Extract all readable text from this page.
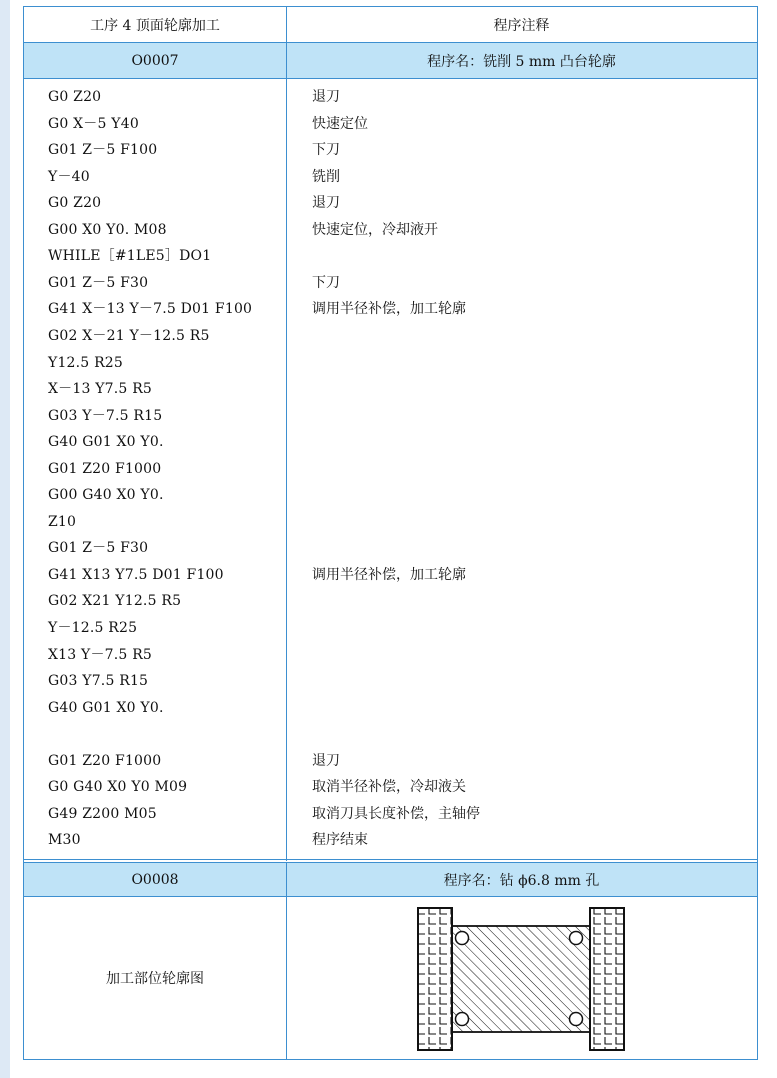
工序 4 顶面轮廓加工	程序注释
O0007	程序名：铣削 5 mm 凸台轮廓
G0 Z20	退刀
G0 X－5 Y40	快速定位
G01 Z－5 F100	下刀
Y－40	铣削
G0 Z20	退刀
G00 X0 Y0. M08	快速定位，冷却液开
WHILE［#1LE5］DO1
G01 Z－5 F30	下刀
G41 X－13 Y－7.5 D01 F100	调用半径补偿，加工轮廓
G02 X－21 Y－12.5 R5
Y12.5 R25
X－13 Y7.5 R5
G03 Y－7.5 R15
G40 G01 X0 Y0.
G01 Z20 F1000
G00 G40 X0 Y0.
Z10
G01 Z－5 F30
G41 X13 Y7.5 D01 F100	调用半径补偿，加工轮廓
G02 X21 Y12.5 R5
Y－12.5 R25
X13 Y－7.5 R5
G03 Y7.5 R15
G40 G01 X0 Y0.
G01 Z20 F1000	退刀
G0 G40 X0 Y0 M09	取消半径补偿，冷却液关
G49 Z200 M05	取消刀具长度补偿，主轴停
M30	程序结束
O0008	程序名：钻 ϕ6.8 mm 孔
加工部位轮廓图
